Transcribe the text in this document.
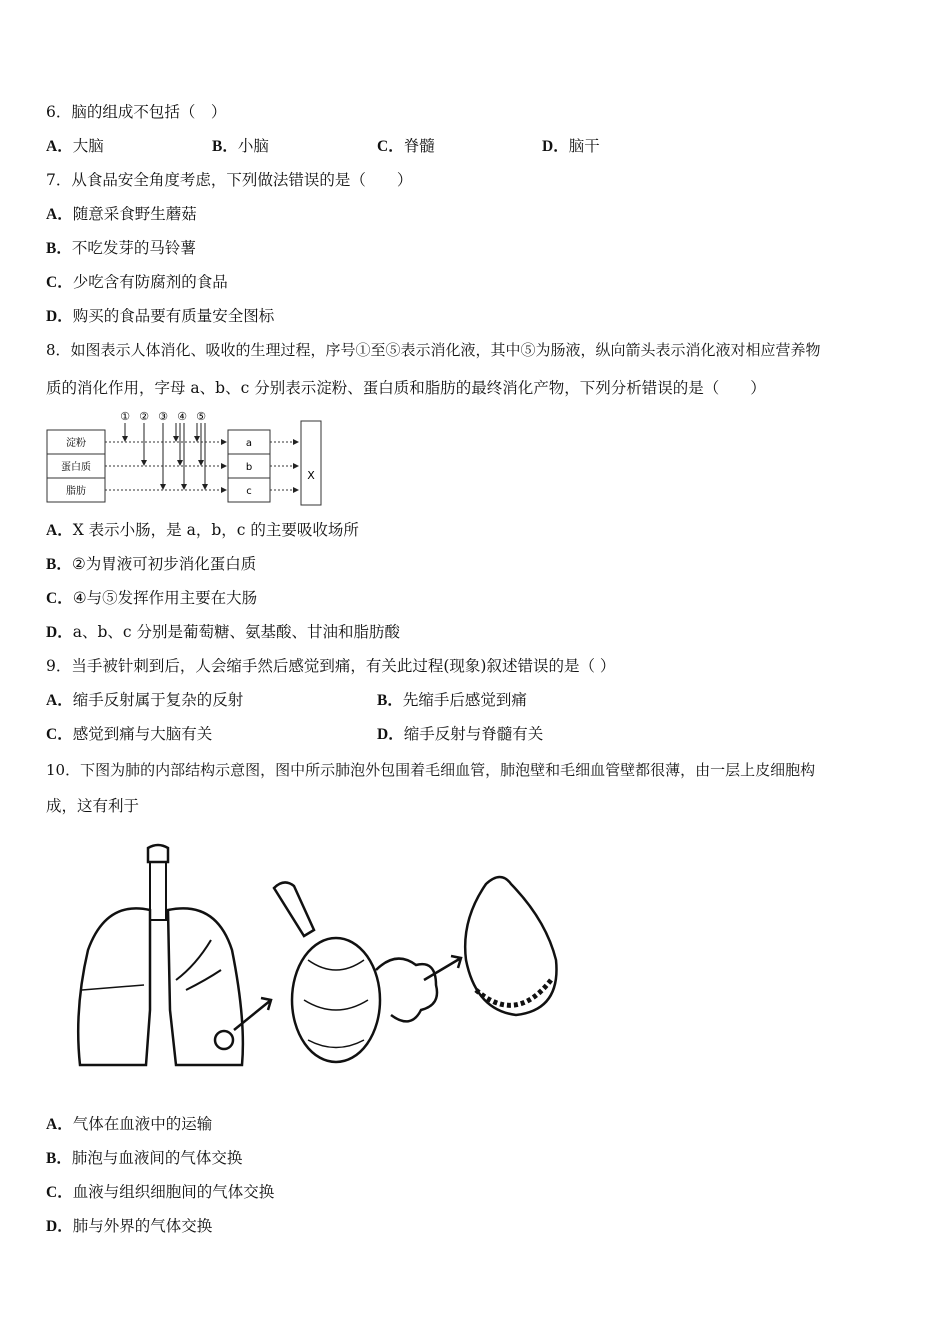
6．脑的组成不包括（　）
A．大脑	B．小脑	C．脊髓	D．脑干
7．从食品安全角度考虑，下列做法错误的是（　　）
A．随意采食野生蘑菇
B．不吃发芽的马铃薯
C．少吃含有防腐剂的食品
D．购买的食品要有质量安全图标
8．如图表示人体消化、吸收的生理过程，序号①至⑤表示消化液，其中⑤为肠液，纵向箭头表示消化液对相应营养物
质的消化作用，字母 a、b、c 分别表示淀粉、蛋白质和脂肪的最终消化产物，下列分析错误的是（　　）
① ② ③ ④ ⑤
淀粉
蛋白质
脂肪
a
b
c
X
A．X 表示小肠，是 a，b，c 的主要吸收场所
B．②为胃液可初步消化蛋白质
C．④与⑤发挥作用主要在大肠
D．a、b、c 分别是葡萄糖、氨基酸、甘油和脂肪酸
9．当手被针刺到后，人会缩手然后感觉到痛，有关此过程(现象)叙述错误的是（ ）
A．缩手反射属于复杂的反射	B．先缩手后感觉到痛
C．感觉到痛与大脑有关	D．缩手反射与脊髓有关
10．下图为肺的内部结构示意图，图中所示肺泡外包围着毛细血管，肺泡壁和毛细血管壁都很薄，由一层上皮细胞构
成，这有利于
A．气体在血液中的运输
B．肺泡与血液间的气体交换
C．血液与组织细胞间的气体交换
D．肺与外界的气体交换
